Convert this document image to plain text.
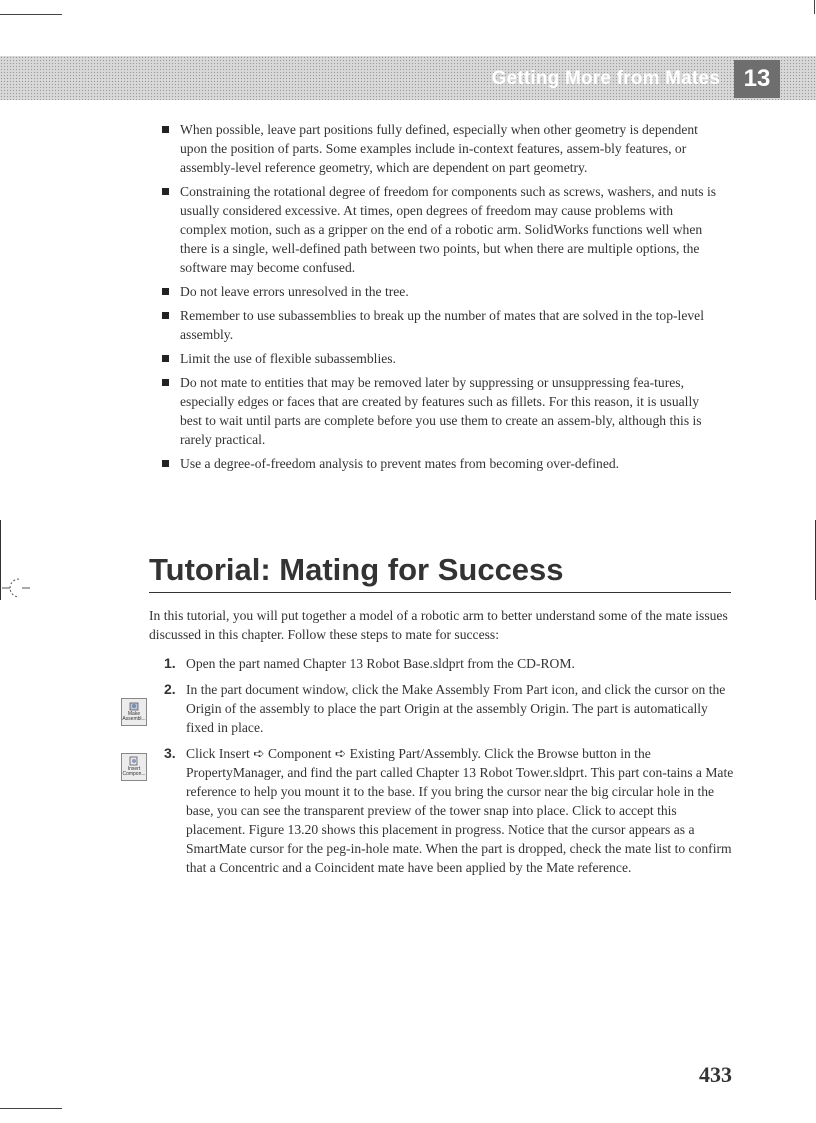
Getting More from Mates 13
When possible, leave part positions fully defined, especially when other geometry is dependent upon the position of parts. Some examples include in-context features, assem-bly features, or assembly-level reference geometry, which are dependent on part geometry.
Constraining the rotational degree of freedom for components such as screws, washers, and nuts is usually considered excessive. At times, open degrees of freedom may cause problems with complex motion, such as a gripper on the end of a robotic arm. SolidWorks functions well when there is a single, well-defined path between two points, but when there are multiple options, the software may become confused.
Do not leave errors unresolved in the tree.
Remember to use subassemblies to break up the number of mates that are solved in the top-level assembly.
Limit the use of flexible subassemblies.
Do not mate to entities that may be removed later by suppressing or unsuppressing fea-tures, especially edges or faces that are created by features such as fillets. For this reason, it is usually best to wait until parts are complete before you use them to create an assem-bly, although this is rarely practical.
Use a degree-of-freedom analysis to prevent mates from becoming over-defined.
Tutorial: Mating for Success

In this tutorial, you will put together a model of a robotic arm to better understand some of the mate issues discussed in this chapter. Follow these steps to mate for success:

Make Assembl...
Insert Compon...
1. Open the part named Chapter 13 Robot Base.sldprt from the CD-ROM.
2. In the part document window, click the Make Assembly From Part icon, and click the cursor on the Origin of the assembly to place the part Origin at the assembly Origin. The part is automatically fixed in place.
3. Click Insert ➪ Component ➪ Existing Part/Assembly. Click the Browse button in the PropertyManager, and find the part called Chapter 13 Robot Tower.sldprt. This part con-tains a Mate reference to help you mount it to the base. If you bring the cursor near the big circular hole in the base, you can see the transparent preview of the tower snap into place. Click to accept this placement. Figure 13.20 shows this placement in progress. Notice that the cursor appears as a SmartMate cursor for the peg-in-hole mate. When the part is dropped, check the mate list to confirm that a Concentric and a Coincident mate have been applied by the Mate reference.
433
